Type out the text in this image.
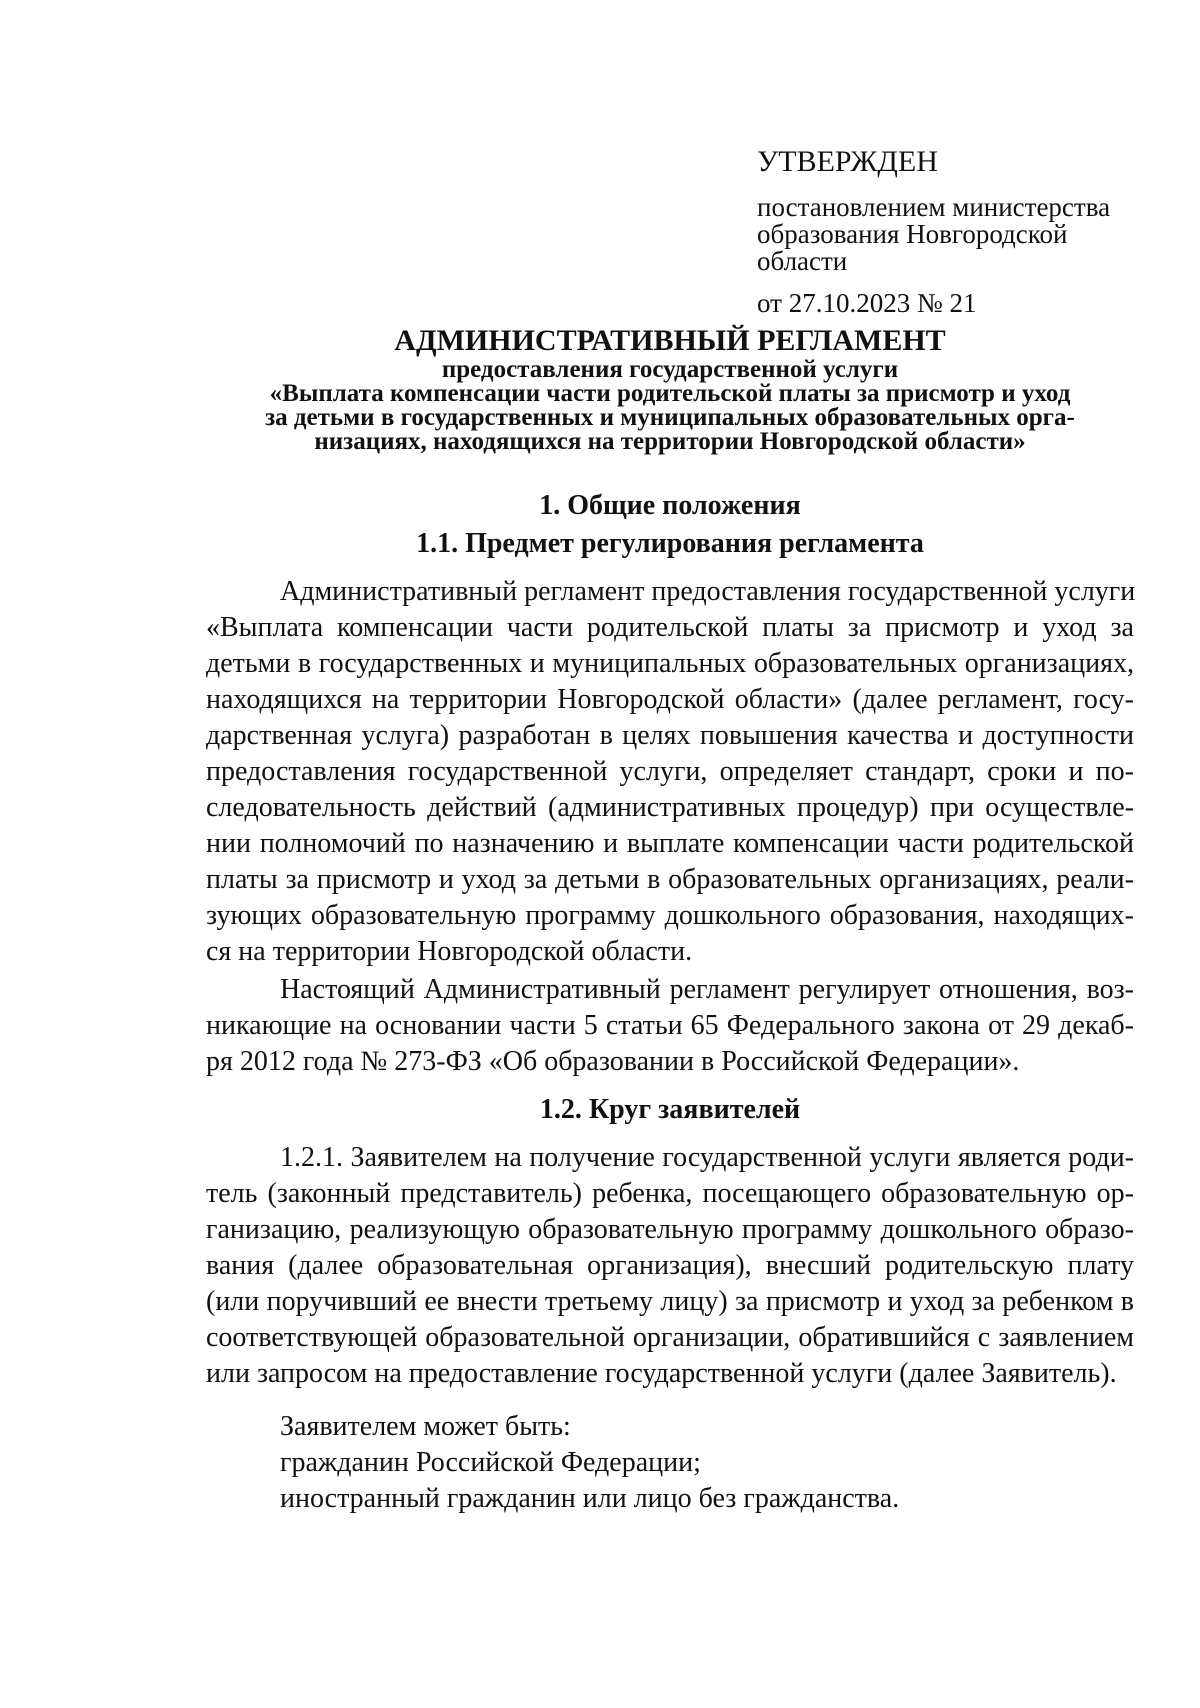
УТВЕРЖДЕН
постановлением министерства
образования Новгородской
области
от 27.10.2023 № 21
АДМИНИСТРАТИВНЫЙ РЕГЛАМЕНТ
предоставления государственной услуги
«Выплата компенсации части родительской платы за присмотр и уход
за детьми в государственных и муниципальных образовательных орга-
низациях, находящихся на территории Новгородской области»
1. Общие положения
1.1. Предмет регулирования регламента
Административный регламент предоставления государственной услуги
«Выплата компенсации части родительской платы за присмотр и уход за
детьми в государственных и муниципальных образовательных организациях,
находящихся на территории Новгородской области» (далее регламент, госу-
дарственная услуга) разработан в целях повышения качества и доступности
предоставления государственной услуги, определяет стандарт, сроки и по-
следовательность действий (административных процедур) при осуществле-
нии полномочий по назначению и выплате компенсации части родительской
платы за присмотр и уход за детьми в образовательных организациях, реали-
зующих образовательную программу дошкольного образования, находящих-
ся на территории Новгородской области.
Настоящий Административный регламент регулирует отношения, воз-
никающие на основании части 5 статьи 65 Федерального закона от 29 декаб-
ря 2012 года № 273-ФЗ «Об образовании в Российской Федерации».
1.2. Круг заявителей
1.2.1. Заявителем на получение государственной услуги является роди-
тель (законный представитель) ребенка, посещающего образовательную ор-
ганизацию, реализующую образовательную программу дошкольного образо-
вания (далее образовательная организация), внесший родительскую плату
(или поручивший ее внести третьему лицу) за присмотр и уход за ребенком в
соответствующей образовательной организации, обратившийся с заявлением
или запросом на предоставление государственной услуги (далее Заявитель).
Заявителем может быть:
гражданин Российской Федерации;
иностранный гражданин или лицо без гражданства.
